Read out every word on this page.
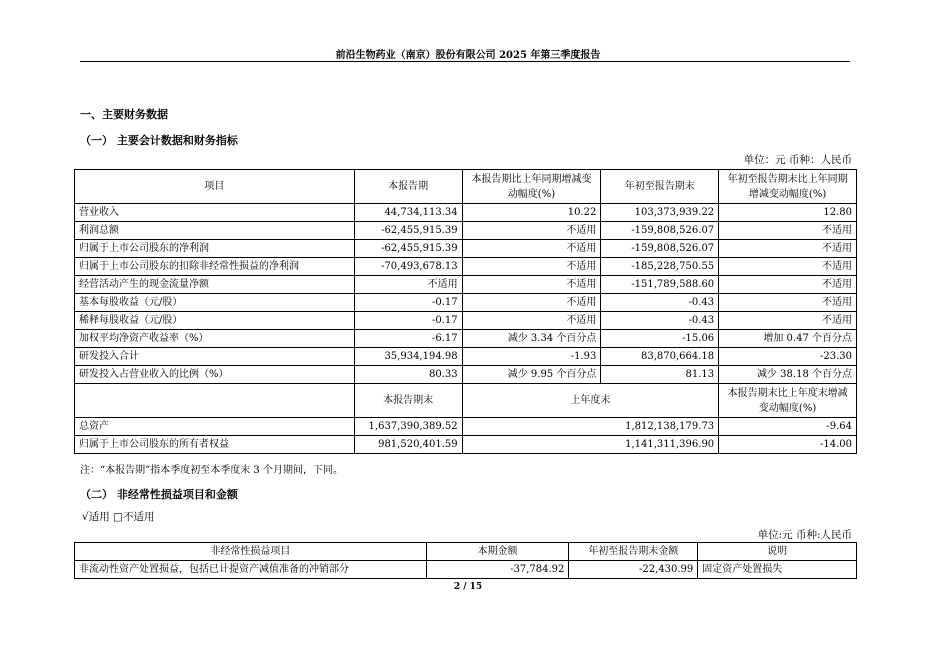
前沿生物药业（南京）股份有限公司 2025 年第三季度报告
一、主要财务数据
（一） 主要会计数据和财务指标
单位：元 币种：人民币
项目	本报告期	本报告期比上年同期增减变动幅度(%)	年初至报告期末	年初至报告期末比上年同期增减变动幅度(%)
营业收入	44,734,113.34	10.22	103,373,939.22	12.80
利润总额	-62,455,915.39	不适用	-159,808,526.07	不适用
归属于上市公司股东的净利润	-62,455,915.39	不适用	-159,808,526.07	不适用
归属于上市公司股东的扣除非经常性损益的净利润	-70,493,678.13	不适用	-185,228,750.55	不适用
经营活动产生的现金流量净额	不适用	不适用	-151,789,588.60	不适用
基本每股收益（元/股）	-0.17	不适用	-0.43	不适用
稀释每股收益（元/股）	-0.17	不适用	-0.43	不适用
加权平均净资产收益率（%）	-6.17	减少 3.34 个百分点	-15.06	增加 0.47 个百分点
研发投入合计	35,934,194.98	-1.93	83,870,664.18	-23.30
研发投入占营业收入的比例（%）	80.33	减少 9.95 个百分点	81.13	减少 38.18 个百分点
	本报告期末	上年度末		本报告期末比上年度末增减变动幅度(%)
总资产	1,637,390,389.52	1,812,138,179.73		-9.64
归属于上市公司股东的所有者权益	981,520,401.59	1,141,311,396.90		-14.00
注：“本报告期”指本季度初至本季度末 3 个月期间，下同。
（二） 非经常性损益项目和金额
√适用 □不适用
单位:元 币种:人民币
非经常性损益项目	本期金额	年初至报告期末金额	说明
非流动性资产处置损益，包括已计提资产减值准备的冲销部分	-37,784.92	-22,430.99	固定资产处置损失
2 / 15
